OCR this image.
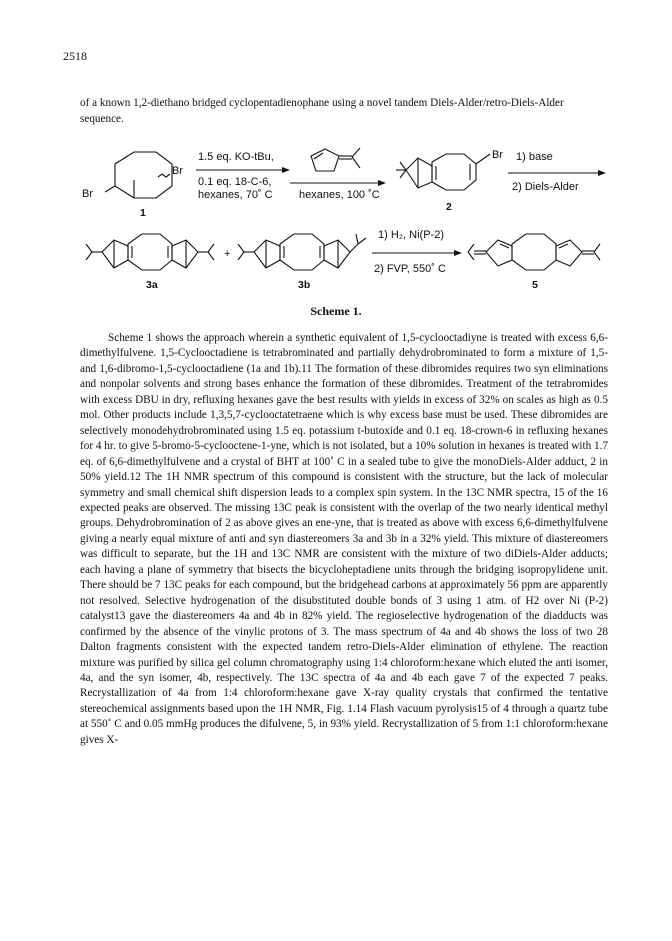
2518
of a known 1,2-diethano bridged cyclopentadienophane using a novel tandem Diels-Alder/retro-Diels-Alder sequence.
Br
Br
1
1.5 eq. KO-tBu,
0.1 eq. 18-C-6,
hexanes, 70˚ C hexanes, 100 ˚C
Br
2
1) base
2) Diels-Alder
3a
+
3b
1) H₂, Ni(P-2)
2) FVP, 550˚ C
5
Scheme 1.

Scheme 1 shows the approach wherein a synthetic equivalent of 1,5-cyclooctadiyne is treated with excess 6,6-dimethylfulvene. 1,5-Cyclooctadiene is tetrabrominated and partially dehydrobrominated to form a mixture of 1,5- and 1,6-dibromo-1,5-cyclooctadiene (1a and 1b).11 The formation of these dibromides requires two syn eliminations and nonpolar solvents and strong bases enhance the formation of these dibromides. Treatment of the tetrabromides with excess DBU in dry, refluxing hexanes gave the best results with yields in excess of 32% on scales as high as 0.5 mol. Other products include 1,3,5,7-cyclooctatetraene which is why excess base must be used. These dibromides are selectively monodehydrobrominated using 1.5 eq. potassium t-butoxide and 0.1 eq. 18-crown-6 in refluxing hexanes for 4 hr. to give 5-bromo-5-cyclooctene-1-yne, which is not isolated, but a 10% solution in hexanes is treated with 1.7 eq. of 6,6-dimethylfulvene and a crystal of BHT at 100˚ C in a sealed tube to give the monoDiels-Alder adduct, 2 in 50% yield.12 The 1H NMR spectrum of this compound is consistent with the structure, but the lack of molecular symmetry and small chemical shift dispersion leads to a complex spin system. In the 13C NMR spectra, 15 of the 16 expected peaks are observed. The missing 13C peak is consistent with the overlap of the two nearly identical methyl groups. Dehydrobromination of 2 as above gives an ene-yne, that is treated as above with excess 6,6-dimethylfulvene giving a nearly equal mixture of anti and syn diastereomers 3a and 3b in a 32% yield. This mixture of diastereomers was difficult to separate, but the 1H and 13C NMR are consistent with the mixture of two diDiels-Alder adducts; each having a plane of symmetry that bisects the bicycloheptadiene units through the bridging isopropylidene unit. There should be 7 13C peaks for each compound, but the bridgehead carbons at approximately 56 ppm are apparently not resolved. Selective hydrogenation of the disubstituted double bonds of 3 using 1 atm. of H2 over Ni (P-2) catalyst13 gave the diastereomers 4a and 4b in 82% yield. The regioselective hydrogenation of the diadducts was confirmed by the absence of the vinylic protons of 3. The mass spectrum of 4a and 4b shows the loss of two 28 Dalton fragments consistent with the expected tandem retro-Diels-Alder elimination of ethylene. The reaction mixture was purified by silica gel column chromatography using 1:4 chloroform:hexane which eluted the anti isomer, 4a, and the syn isomer, 4b, respectively. The 13C spectra of 4a and 4b each gave 7 of the expected 7 peaks. Recrystallization of 4a from 1:4 chloroform:hexane gave X-ray quality crystals that confirmed the tentative stereochemical assignments based upon the 1H NMR, Fig. 1.14 Flash vacuum pyrolysis15 of 4 through a quartz tube at 550˚ C and 0.05 mmHg produces the difulvene, 5, in 93% yield. Recrystallization of 5 from 1:1 chloroform:hexane gives X-
